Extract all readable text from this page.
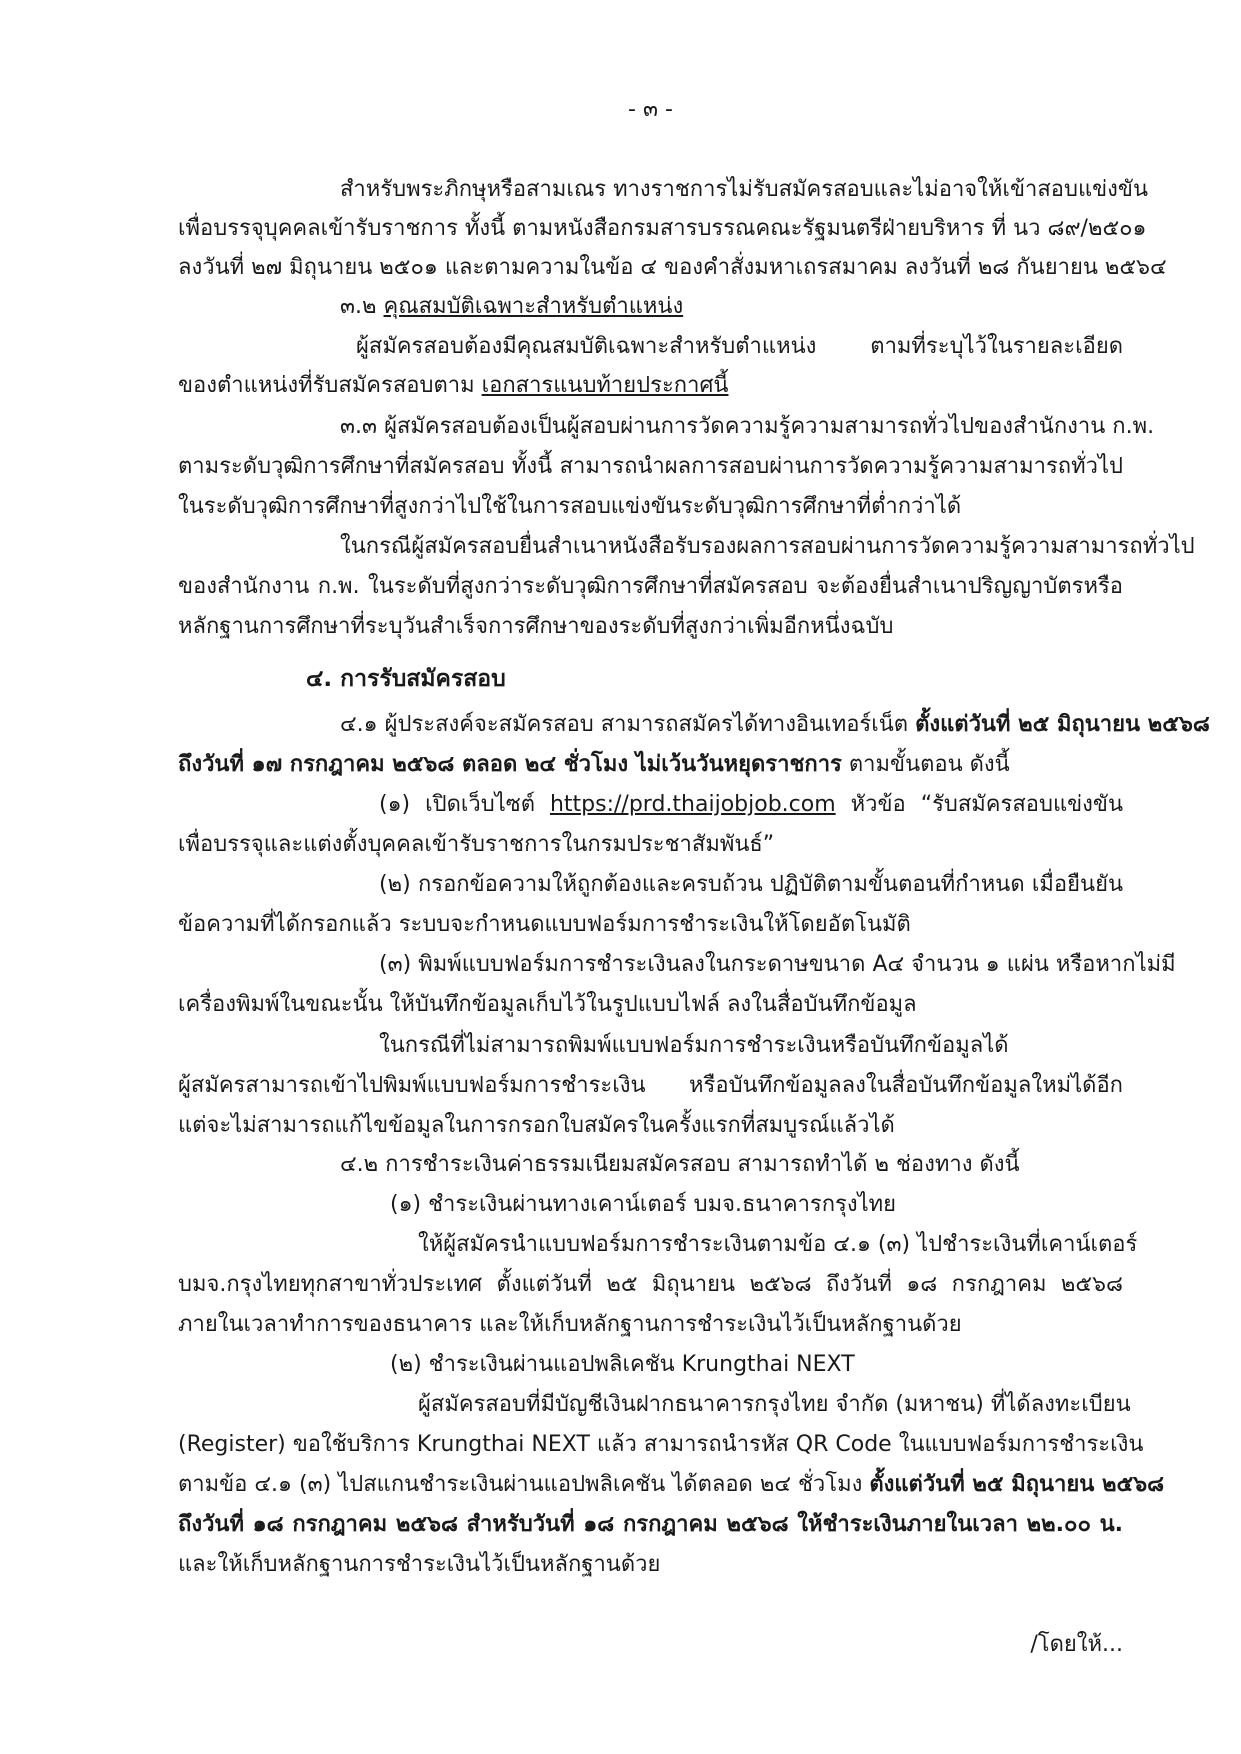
- ๓ -
สำหรับพระภิกษุหรือสามเณร ทางราชการไม่รับสมัครสอบและไม่อาจให้เข้าสอบแข่งขัน
เพื่อบรรจุบุคคลเข้ารับราชการ ทั้งนี้ ตามหนังสือกรมสารบรรณคณะรัฐมนตรีฝ่ายบริหาร ที่ นว ๘๙/๒๕๐๑
ลงวันที่ ๒๗ มิถุนายน ๒๕๐๑ และตามความในข้อ ๔ ของคำสั่งมหาเถรสมาคม ลงวันที่ ๒๘ กันยายน ๒๕๖๔
๓.๒ คุณสมบัติเฉพาะสำหรับตำแหน่ง
ผู้สมัครสอบต้องมีคุณสมบัติเฉพาะสำหรับตำแหน่ง ตามที่ระบุไว้ในรายละเอียด
ของตำแหน่งที่รับสมัครสอบตาม เอกสารแนบท้ายประกาศนี้
๓.๓ ผู้สมัครสอบต้องเป็นผู้สอบผ่านการวัดความรู้ความสามารถทั่วไปของสำนักงาน ก.พ.
ตามระดับวุฒิการศึกษาที่สมัครสอบ ทั้งนี้ สามารถนำผลการสอบผ่านการวัดความรู้ความสามารถทั่วไป
ในระดับวุฒิการศึกษาที่สูงกว่าไปใช้ในการสอบแข่งขันระดับวุฒิการศึกษาที่ต่ำกว่าได้
ในกรณีผู้สมัครสอบยื่นสำเนาหนังสือรับรองผลการสอบผ่านการวัดความรู้ความสามารถทั่วไป
ของสำนักงาน ก.พ. ในระดับที่สูงกว่าระดับวุฒิการศึกษาที่สมัครสอบ จะต้องยื่นสำเนาปริญญาบัตรหรือ
หลักฐานการศึกษาที่ระบุวันสำเร็จการศึกษาของระดับที่สูงกว่าเพิ่มอีกหนึ่งฉบับ
๔. การรับสมัครสอบ
๔.๑ ผู้ประสงค์จะสมัครสอบ สามารถสมัครได้ทางอินเทอร์เน็ต ตั้งแต่วันที่ ๒๕ มิถุนายน ๒๕๖๘
ถึงวันที่ ๑๗ กรกฎาคม ๒๕๖๘ ตลอด ๒๔ ชั่วโมง ไม่เว้นวันหยุดราชการ ตามขั้นตอน ดังนี้
(๑) เปิดเว็บไซต์ https://prd.thaijobjob.com หัวข้อ “รับสมัครสอบแข่งขัน
เพื่อบรรจุและแต่งตั้งบุคคลเข้ารับราชการในกรมประชาสัมพันธ์”
(๒) กรอกข้อความให้ถูกต้องและครบถ้วน ปฏิบัติตามขั้นตอนที่กำหนด เมื่อยืนยัน
ข้อความที่ได้กรอกแล้ว ระบบจะกำหนดแบบฟอร์มการชำระเงินให้โดยอัตโนมัติ
(๓) พิมพ์แบบฟอร์มการชำระเงินลงในกระดาษขนาด A๔ จำนวน ๑ แผ่น หรือหากไม่มี
เครื่องพิมพ์ในขณะนั้น ให้บันทึกข้อมูลเก็บไว้ในรูปแบบไฟล์ ลงในสื่อบันทึกข้อมูล
ในกรณีที่ไม่สามารถพิมพ์แบบฟอร์มการชำระเงินหรือบันทึกข้อมูลได้
ผู้สมัครสามารถเข้าไปพิมพ์แบบฟอร์มการชำระเงิน หรือบันทึกข้อมูลลงในสื่อบันทึกข้อมูลใหม่ได้อีก
แต่จะไม่สามารถแก้ไขข้อมูลในการกรอกใบสมัครในครั้งแรกที่สมบูรณ์แล้วได้
๔.๒ การชำระเงินค่าธรรมเนียมสมัครสอบ สามารถทำได้ ๒ ช่องทาง ดังนี้
(๑) ชำระเงินผ่านทางเคาน์เตอร์ บมจ.ธนาคารกรุงไทย
ให้ผู้สมัครนำแบบฟอร์มการชำระเงินตามข้อ ๔.๑ (๓) ไปชำระเงินที่เคาน์เตอร์
บมจ.กรุงไทยทุกสาขาทั่วประเทศ ตั้งแต่วันที่ ๒๕ มิถุนายน ๒๕๖๘ ถึงวันที่ ๑๘ กรกฎาคม ๒๕๖๘
ภายในเวลาทำการของธนาคาร และให้เก็บหลักฐานการชำระเงินไว้เป็นหลักฐานด้วย
(๒) ชำระเงินผ่านแอปพลิเคชัน Krungthai NEXT
ผู้สมัครสอบที่มีบัญชีเงินฝากธนาคารกรุงไทย จำกัด (มหาชน) ที่ได้ลงทะเบียน
(Register) ขอใช้บริการ Krungthai NEXT แล้ว สามารถนำรหัส QR Code ในแบบฟอร์มการชำระเงิน
ตามข้อ ๔.๑ (๓) ไปสแกนชำระเงินผ่านแอปพลิเคชัน ได้ตลอด ๒๔ ชั่วโมง ตั้งแต่วันที่ ๒๕ มิถุนายน ๒๕๖๘
ถึงวันที่ ๑๘ กรกฎาคม ๒๕๖๘ สำหรับวันที่ ๑๘ กรกฎาคม ๒๕๖๘ ให้ชำระเงินภายในเวลา ๒๒.๐๐ น.
และให้เก็บหลักฐานการชำระเงินไว้เป็นหลักฐานด้วย
/โดยให้...
